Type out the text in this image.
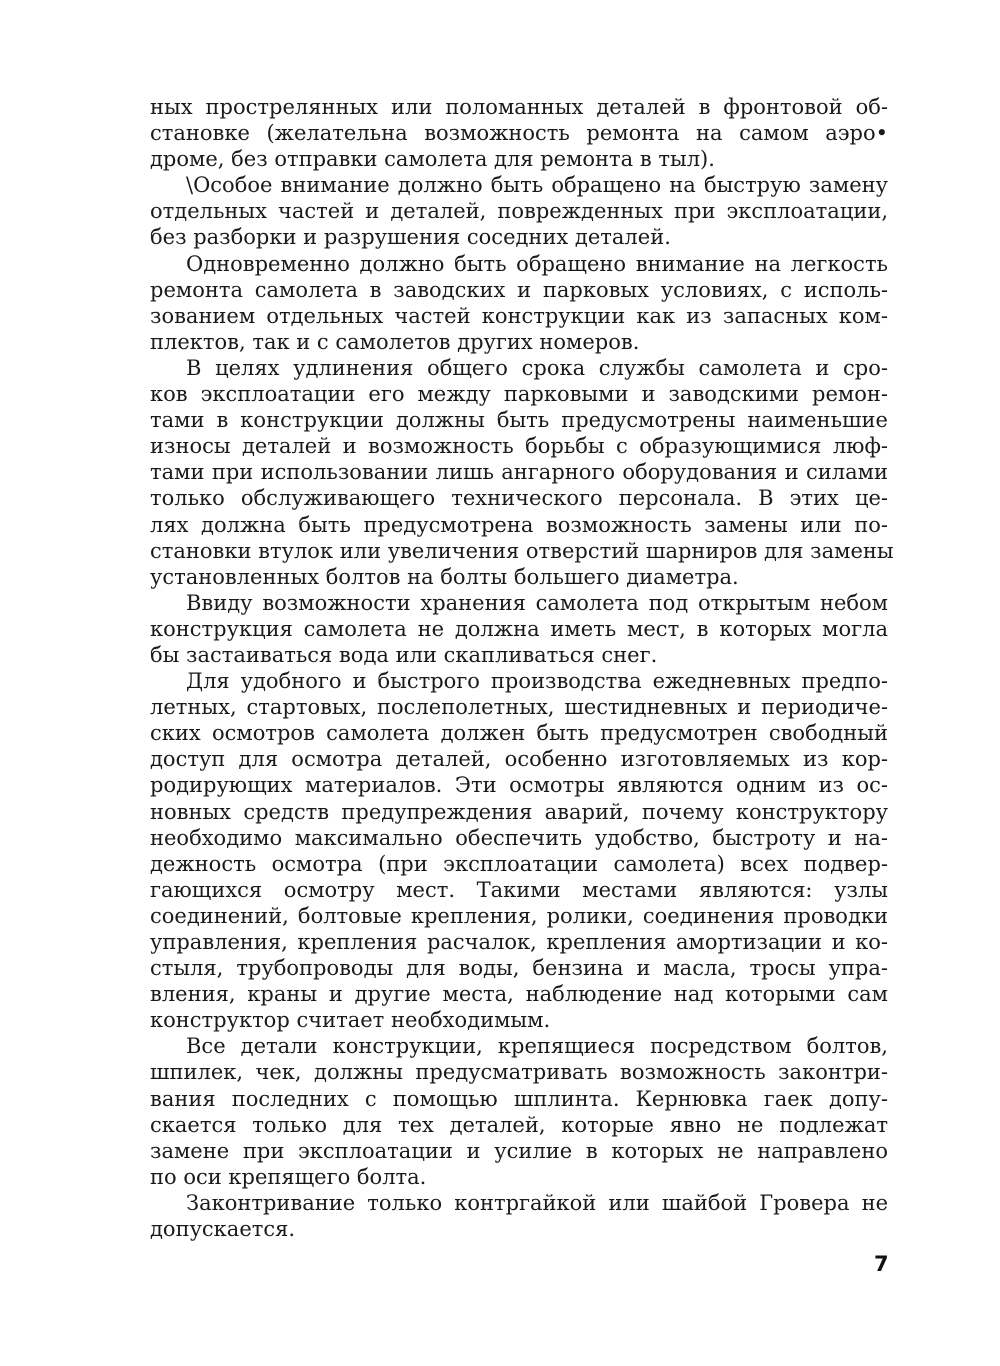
ных прострелянных или поломанных деталей в фронтовой об-
становке (желательна возможность ремонта на самом аэро•
дроме, без отправки самолета для ремонта в тыл).
\Особое внимание должно быть обращено на быструю замену
отдельных частей и деталей, поврежденных при эксплоатации,
без разборки и разрушения соседних деталей.
Одновременно должно быть обращено внимание на легкость
ремонта самолета в заводских и парковых условиях, с исполь-
зованием отдельных частей конструкции как из запасных ком-
плектов, так и с самолетов других номеров.
В целях удлинения общего срока службы самолета и сро-
ков эксплоатации его между парковыми и заводскими ремон-
тами в конструкции должны быть предусмотрены наименьшие
износы деталей и возможность борьбы с образующимися люф-
тами при использовании лишь ангарного оборудования и силами
только обслуживающего технического персонала. В этих це-
лях должна быть предусмотрена возможность замены или по-
становки втулок или увеличения отверстий шарниров для замены
установленных болтов на болты большего диаметра.
Ввиду возможности хранения самолета под открытым небом
конструкция самолета не должна иметь мест, в которых могла
бы застаиваться вода или скапливаться снег.
Для удобного и быстрого производства ежедневных предпо-
летных, стартовых, послеполетных, шестидневных и периодиче-
ских осмотров самолета должен быть предусмотрен свободный
доступ для осмотра деталей, особенно изготовляемых из кор-
родирующих материалов. Эти осмотры являются одним из ос-
новных средств предупреждения аварий, почему конструктору
необходимо максимально обеспечить удобство, быстроту и на-
дежность осмотра (при эксплоатации самолета) всех подвер-
гающихся осмотру мест. Такими местами являются: узлы
соединений, болтовые крепления, ролики, соединения проводки
управления, крепления расчалок, крепления амортизации и ко-
стыля, трубопроводы для воды, бензина и масла, тросы упра-
вления, краны и другие места, наблюдение над которыми сам
конструктор считает необходимым.
Все детали конструкции, крепящиеся посредством болтов,
шпилек, чек, должны предусматривать возможность законтри-
вания последних с помощью шплинта. Кернювка гаек допу-
скается только для тех деталей, которые явно не подлежат
замене при эксплоатации и усилие в которых не направлено
по оси крепящего болта.
Законтривание только контргайкой или шайбой Гровера не
допускается.
7
